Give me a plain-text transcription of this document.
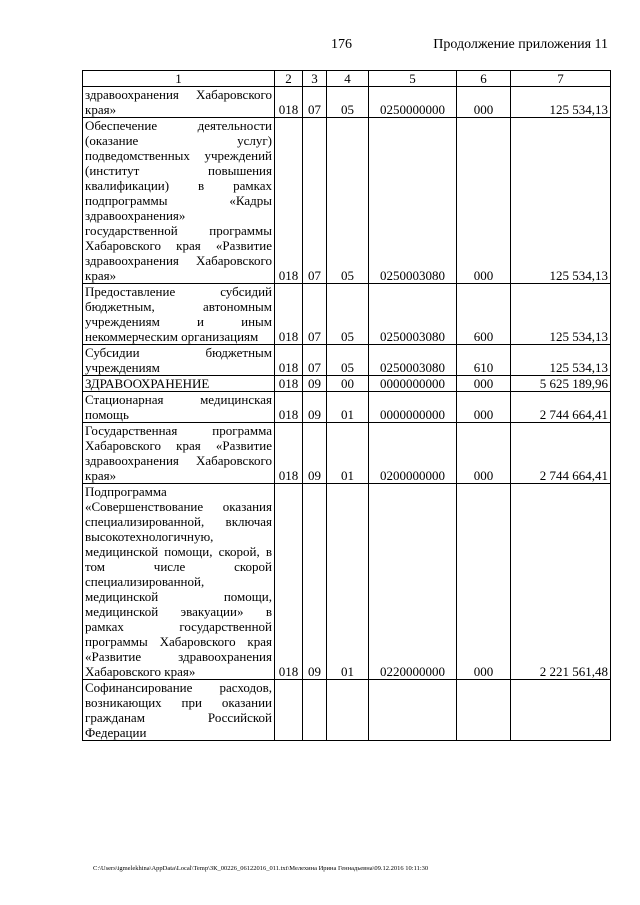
176	Продолжение приложения 11
1	2	3	4	5	6	7
здравоохранения Хабаровского края»	018	07	05	0250000000	000	125 534,13
Обеспечение деятельности (оказание услуг) подведомственных учреждений (институт повышения квалификации) в рамках подпрограммы «Кадры здравоохранения» государственной программы Хабаровского края «Развитие здравоохранения Хабаровского края»	018	07	05	0250003080	000	125 534,13
Предоставление субсидий бюджетным, автономным учреждениям и иным некоммерческим организациям	018	07	05	0250003080	600	125 534,13
Субсидии бюджетным учреждениям	018	07	05	0250003080	610	125 534,13
ЗДРАВООХРАНЕНИЕ	018	09	00	0000000000	000	5 625 189,96
Стационарная медицинская помощь	018	09	01	0000000000	000	2 744 664,41
Государственная программа Хабаровского края «Развитие здравоохранения Хабаровского края»	018	09	01	0200000000	000	2 744 664,41
Подпрограмма «Совершенствование оказания специализированной, включая высокотехнологичную, медицинской помощи, скорой, в том числе скорой специализированной, медицинской помощи, медицинской эвакуации» в рамках государственной программы Хабаровского края «Развитие здравоохранения Хабаровского края»	018	09	01	0220000000	000	2 221 561,48
Софинансирование расходов, возникающих при оказании гражданам Российской Федерации						
C:\Users\igmelekhina\AppData\Local\Temp\ЗК_00226_06122016_011.txt\Мелехина Ирина Геннадьевна\09.12.2016 10:11:30
